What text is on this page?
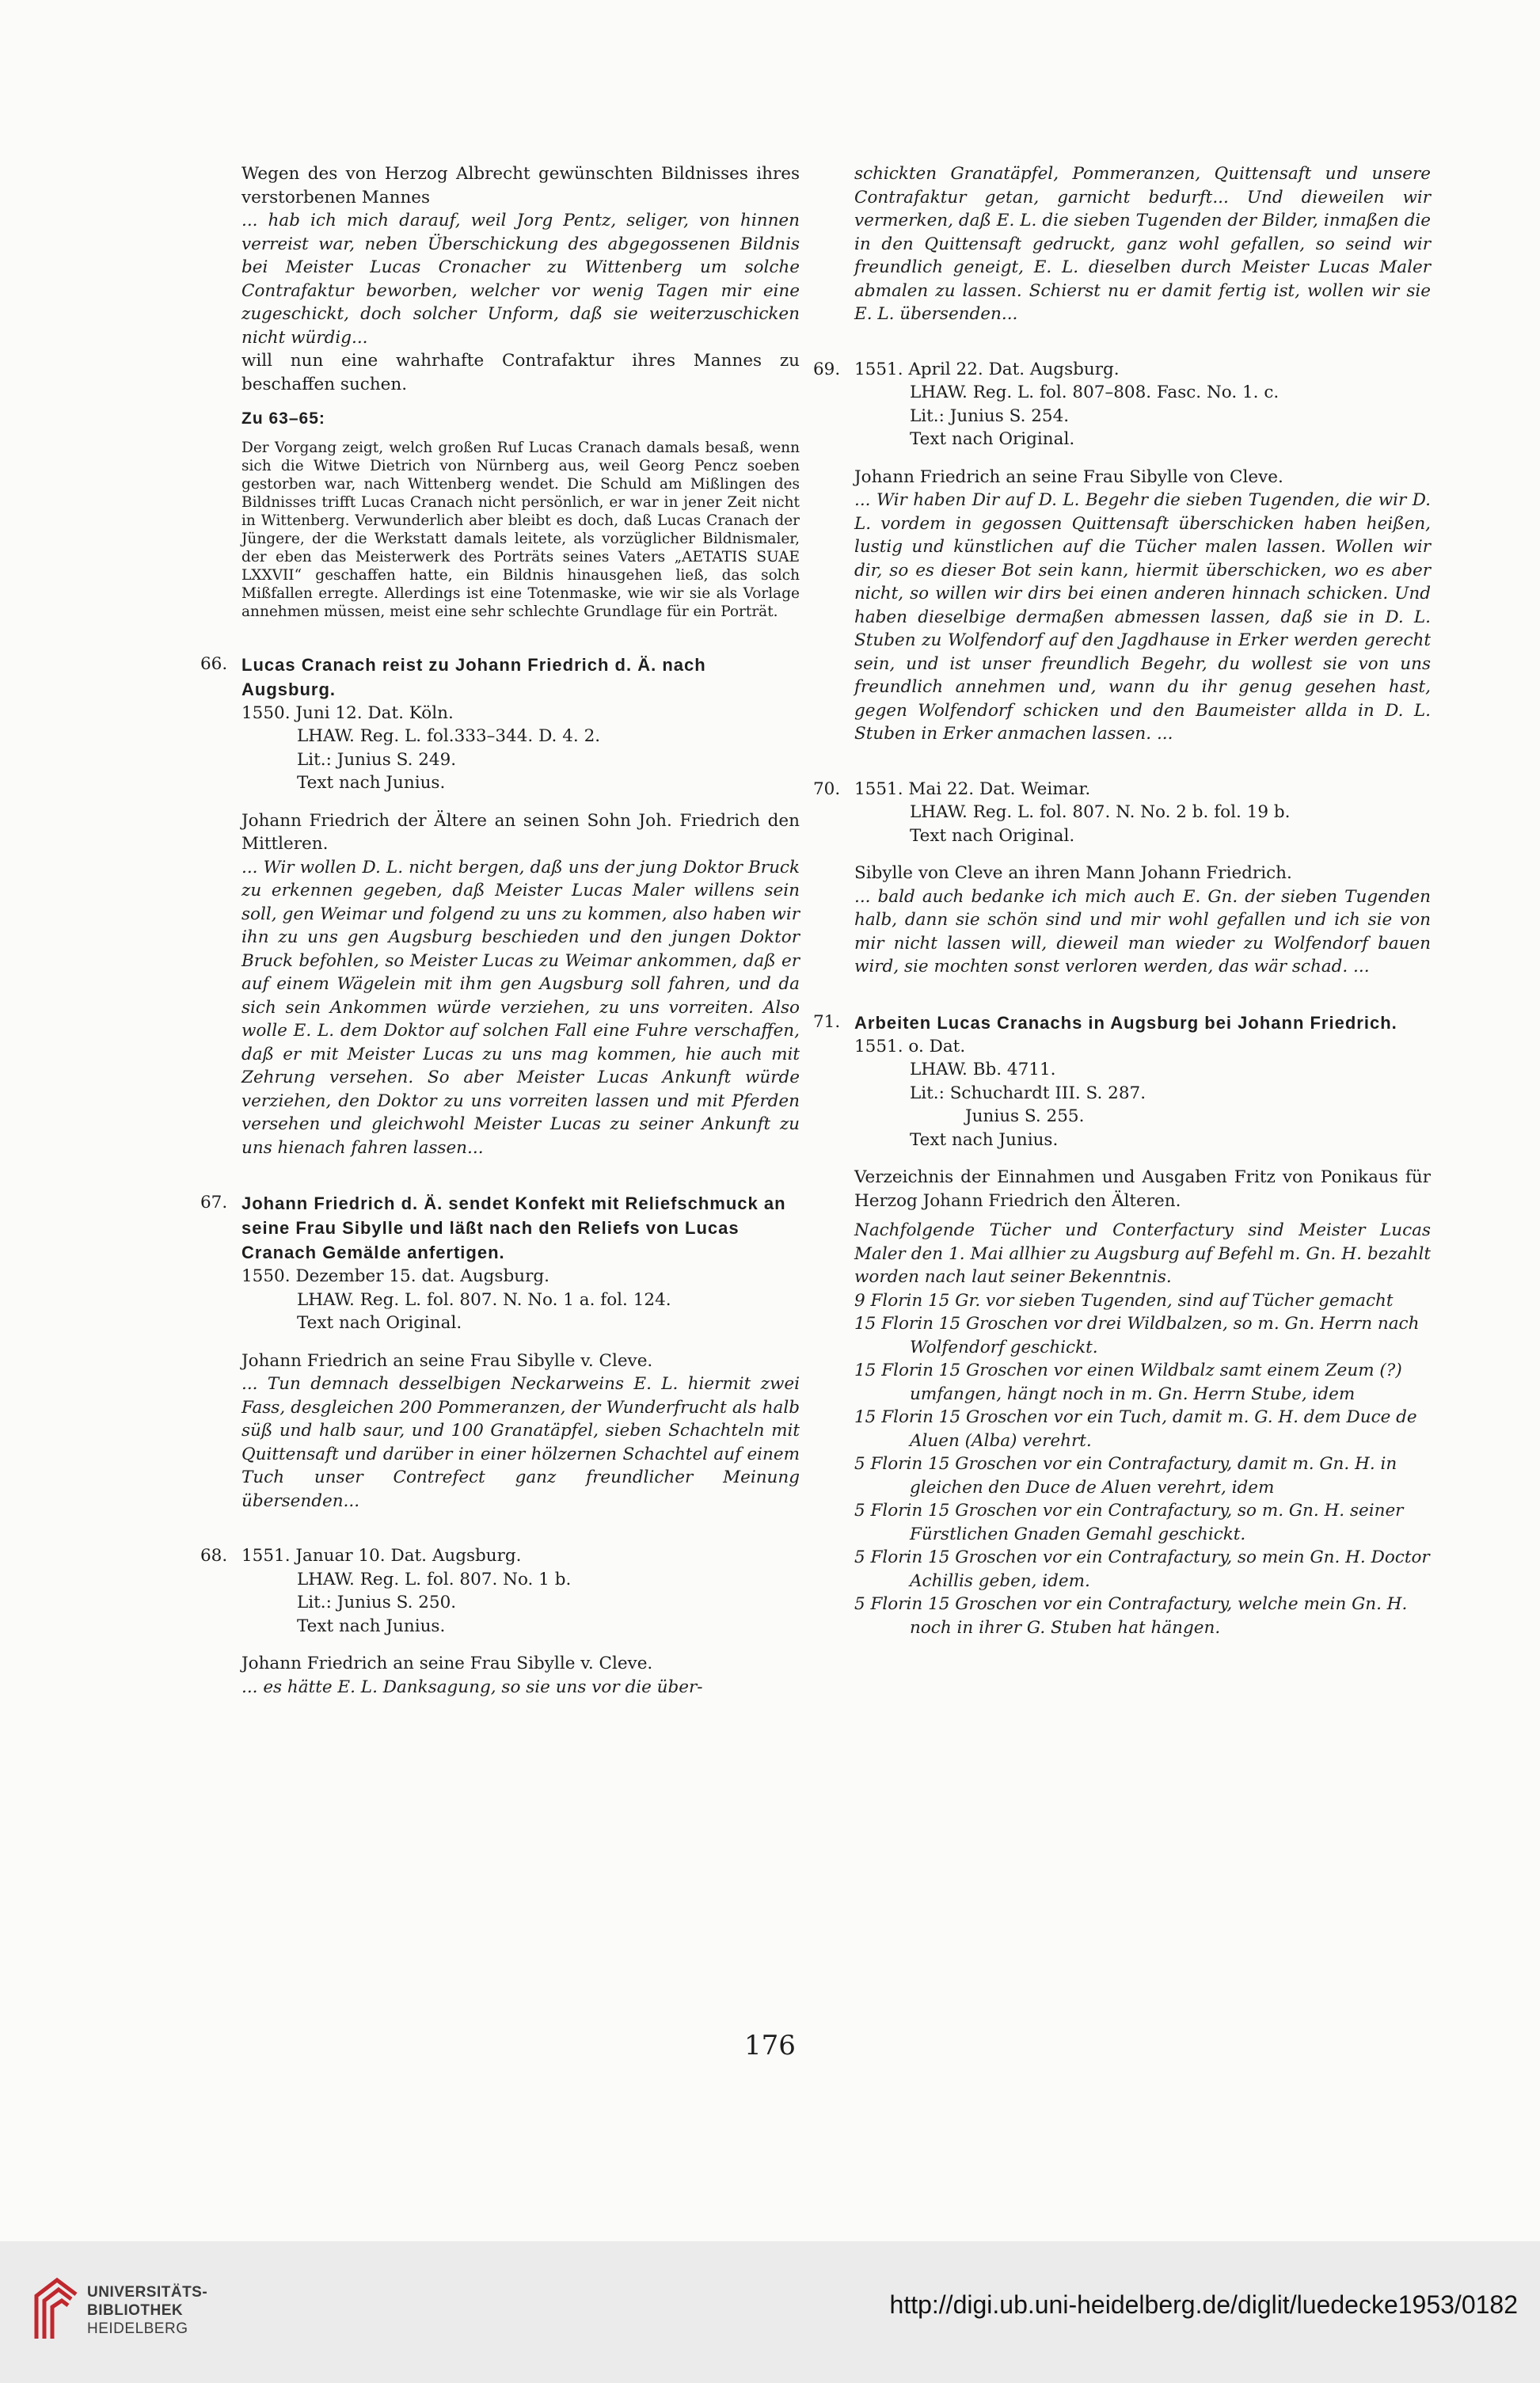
Wegen des von Herzog Albrecht gewünschten Bildnisses ihres verstorbenen Mannes

... hab ich mich darauf, weil Jorg Pentz, seliger, von hinnen verreist war, neben Überschickung des abgegossenen Bildnis bei Meister Lucas Cronacher zu Wittenberg um solche Contrafaktur beworben, welcher vor wenig Tagen mir eine zugeschickt, doch solcher Unform, daß sie weiterzuschicken nicht würdig...

will nun eine wahrhafte Contrafaktur ihres Mannes zu beschaffen suchen.

Zu 63–65:

Der Vorgang zeigt, welch großen Ruf Lucas Cranach damals besaß, wenn sich die Witwe Dietrich von Nürnberg aus, weil Georg Pencz soeben gestorben war, nach Wittenberg wendet. Die Schuld am Mißlingen des Bildnisses trifft Lucas Cranach nicht persönlich, er war in jener Zeit nicht in Wittenberg. Verwunderlich aber bleibt es doch, daß Lucas Cranach der Jüngere, der die Werkstatt damals leitete, als vorzüglicher Bildnismaler, der eben das Meisterwerk des Porträts seines Vaters „AETATIS SUAE LXXVII“ geschaffen hatte, ein Bildnis hinausgehen ließ, das solch Mißfallen erregte. Allerdings ist eine Totenmaske, wie wir sie als Vorlage annehmen müssen, meist eine sehr schlechte Grundlage für ein Porträt.

66. Lucas Cranach reist zu Johann Friedrich d. Ä. nach Augsburg.

1550. Juni 12. Dat. Köln.

LHAW. Reg. L. fol.333–344. D. 4. 2.

Lit.: Junius S. 249.

Text nach Junius.

Johann Friedrich der Ältere an seinen Sohn Joh. Friedrich den Mittleren.

... Wir wollen D. L. nicht bergen, daß uns der jung Doktor Bruck zu erkennen gegeben, daß Meister Lucas Maler willens sein soll, gen Weimar und folgend zu uns zu kommen, also haben wir ihn zu uns gen Augsburg beschieden und den jungen Doktor Bruck befohlen, so Meister Lucas zu Weimar ankommen, daß er auf einem Wägelein mit ihm gen Augsburg soll fahren, und da sich sein Ankommen würde verziehen, zu uns vorreiten. Also wolle E. L. dem Doktor auf solchen Fall eine Fuhre verschaffen, daß er mit Meister Lucas zu uns mag kommen, hie auch mit Zehrung versehen. So aber Meister Lucas Ankunft würde verziehen, den Doktor zu uns vorreiten lassen und mit Pferden versehen und gleichwohl Meister Lucas zu seiner Ankunft zu uns hienach fahren lassen...

67. Johann Friedrich d. Ä. sendet Konfekt mit Reliefschmuck an seine Frau Sibylle und läßt nach den Reliefs von Lucas Cranach Gemälde anfertigen.

1550. Dezember 15. dat. Augsburg.

LHAW. Reg. L. fol. 807. N. No. 1 a. fol. 124.

Text nach Original.

Johann Friedrich an seine Frau Sibylle v. Cleve.

... Tun demnach desselbigen Neckarweins E. L. hiermit zwei Fass, desgleichen 200 Pommeranzen, der Wunderfrucht als halb süß und halb saur, und 100 Granatäpfel, sieben Schachteln mit Quittensaft und darüber in einer hölzernen Schachtel auf einem Tuch unser Contrefect ganz freundlicher Meinung übersenden...

68. 1551. Januar 10. Dat. Augsburg.

LHAW. Reg. L. fol. 807. No. 1 b.

Lit.: Junius S. 250.

Text nach Junius.

Johann Friedrich an seine Frau Sibylle v. Cleve.

... es hätte E. L. Danksagung, so sie uns vor die über-

schickten Granatäpfel, Pommeranzen, Quittensaft und unsere Contrafaktur getan, garnicht bedurft... Und dieweilen wir vermerken, daß E. L. die sieben Tugenden der Bilder, inmaßen die in den Quittensaft gedruckt, ganz wohl gefallen, so seind wir freundlich geneigt, E. L. dieselben durch Meister Lucas Maler abmalen zu lassen. Schierst nu er damit fertig ist, wollen wir sie E. L. übersenden...

69. 1551. April 22. Dat. Augsburg.

LHAW. Reg. L. fol. 807–808. Fasc. No. 1. c.

Lit.: Junius S. 254.

Text nach Original.

Johann Friedrich an seine Frau Sibylle von Cleve.

... Wir haben Dir auf D. L. Begehr die sieben Tugenden, die wir D. L. vordem in gegossen Quittensaft überschicken haben heißen, lustig und künstlichen auf die Tücher malen lassen. Wollen wir dir, so es dieser Bot sein kann, hiermit überschicken, wo es aber nicht, so willen wir dirs bei einen anderen hinnach schicken. Und haben dieselbige dermaßen abmessen lassen, daß sie in D. L. Stuben zu Wolfendorf auf den Jagdhause in Erker werden gerecht sein, und ist unser freundlich Begehr, du wollest sie von uns freundlich annehmen und, wann du ihr genug gesehen hast, gegen Wolfendorf schicken und den Baumeister allda in D. L. Stuben in Erker anmachen lassen. ...

70. 1551. Mai 22. Dat. Weimar.

LHAW. Reg. L. fol. 807. N. No. 2 b. fol. 19 b.

Text nach Original.

Sibylle von Cleve an ihren Mann Johann Friedrich.

... bald auch bedanke ich mich auch E. Gn. der sieben Tugenden halb, dann sie schön sind und mir wohl gefallen und ich sie von mir nicht lassen will, dieweil man wieder zu Wolfendorf bauen wird, sie mochten sonst verloren werden, das wär schad. ...

71. Arbeiten Lucas Cranachs in Augsburg bei Johann Friedrich.

1551. o. Dat.

LHAW. Bb. 4711.

Lit.: Schuchardt III. S. 287.

Junius S. 255.

Text nach Junius.

Verzeichnis der Einnahmen und Ausgaben Fritz von Ponikaus für Herzog Johann Friedrich den Älteren.

Nachfolgende Tücher und Conterfactury sind Meister Lucas Maler den 1. Mai allhier zu Augsburg auf Befehl m. Gn. H. bezahlt worden nach laut seiner Bekenntnis.

9 Florin 15 Gr. vor sieben Tugenden, sind auf Tücher gemacht

15 Florin 15 Groschen vor drei Wildbalzen, so m. Gn. Herrn nach Wolfendorf geschickt.

15 Florin 15 Groschen vor einen Wildbalz samt einem Zeum (?) umfangen, hängt noch in m. Gn. Herrn Stube, idem

15 Florin 15 Groschen vor ein Tuch, damit m. G. H. dem Duce de Aluen (Alba) verehrt.

5 Florin 15 Groschen vor ein Contrafactury, damit m. Gn. H. in gleichen den Duce de Aluen verehrt, idem

5 Florin 15 Groschen vor ein Contrafactury, so m. Gn. H. seiner Fürstlichen Gnaden Gemahl geschickt.

5 Florin 15 Groschen vor ein Contrafactury, so mein Gn. H. Doctor Achillis geben, idem.

5 Florin 15 Groschen vor ein Contrafactury, welche mein Gn. H. noch in ihrer G. Stuben hat hängen.

176
UNIVERSITÄTS-
BIBLIOTHEK
HEIDELBERG
http://digi.ub.uni-heidelberg.de/diglit/luedecke1953/0182
